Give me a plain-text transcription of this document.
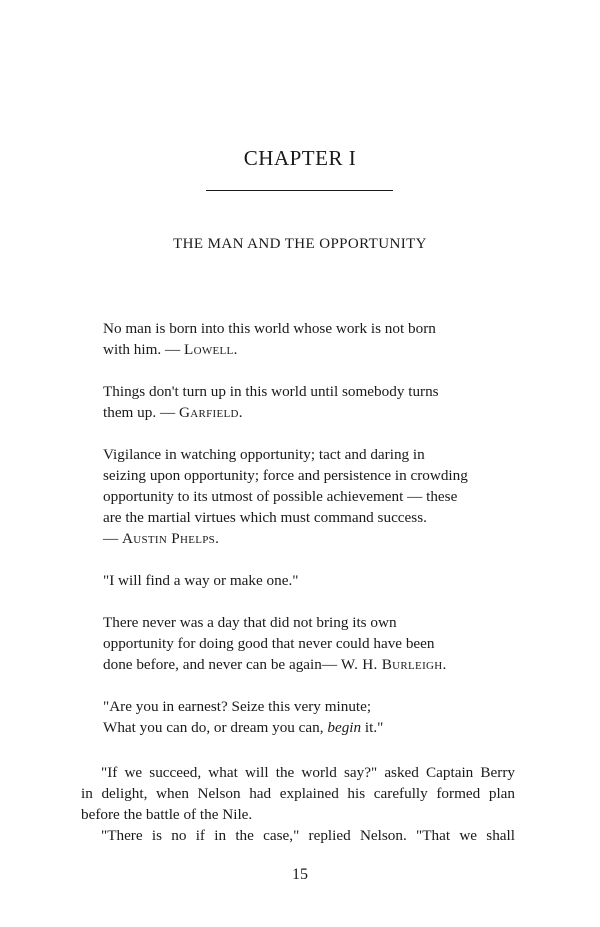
CHAPTER I
THE MAN AND THE OPPORTUNITY
No man is born into this world whose work is not born
with him. — Lowell.
Things don't turn up in this world until somebody turns
them up. — Garfield.
Vigilance in watching opportunity; tact and daring in
seizing upon opportunity; force and persistence in crowding
opportunity to its utmost of possible achievement — these
are the martial virtues which must command success.
— Austin Phelps.
"I will find a way or make one."
There never was a day that did not bring its own
opportunity for doing good that never could have been
done before, and never can be again— W. H. Burleigh.
"Are you in earnest? Seize this very minute;
What you can do, or dream you can, begin it."

"If we succeed, what will the world say?" asked Captain Berry
in delight, when Nelson had explained his carefully formed plan
before the battle of the Nile.

"There is no if in the case," replied Nelson. "That we shall

15
